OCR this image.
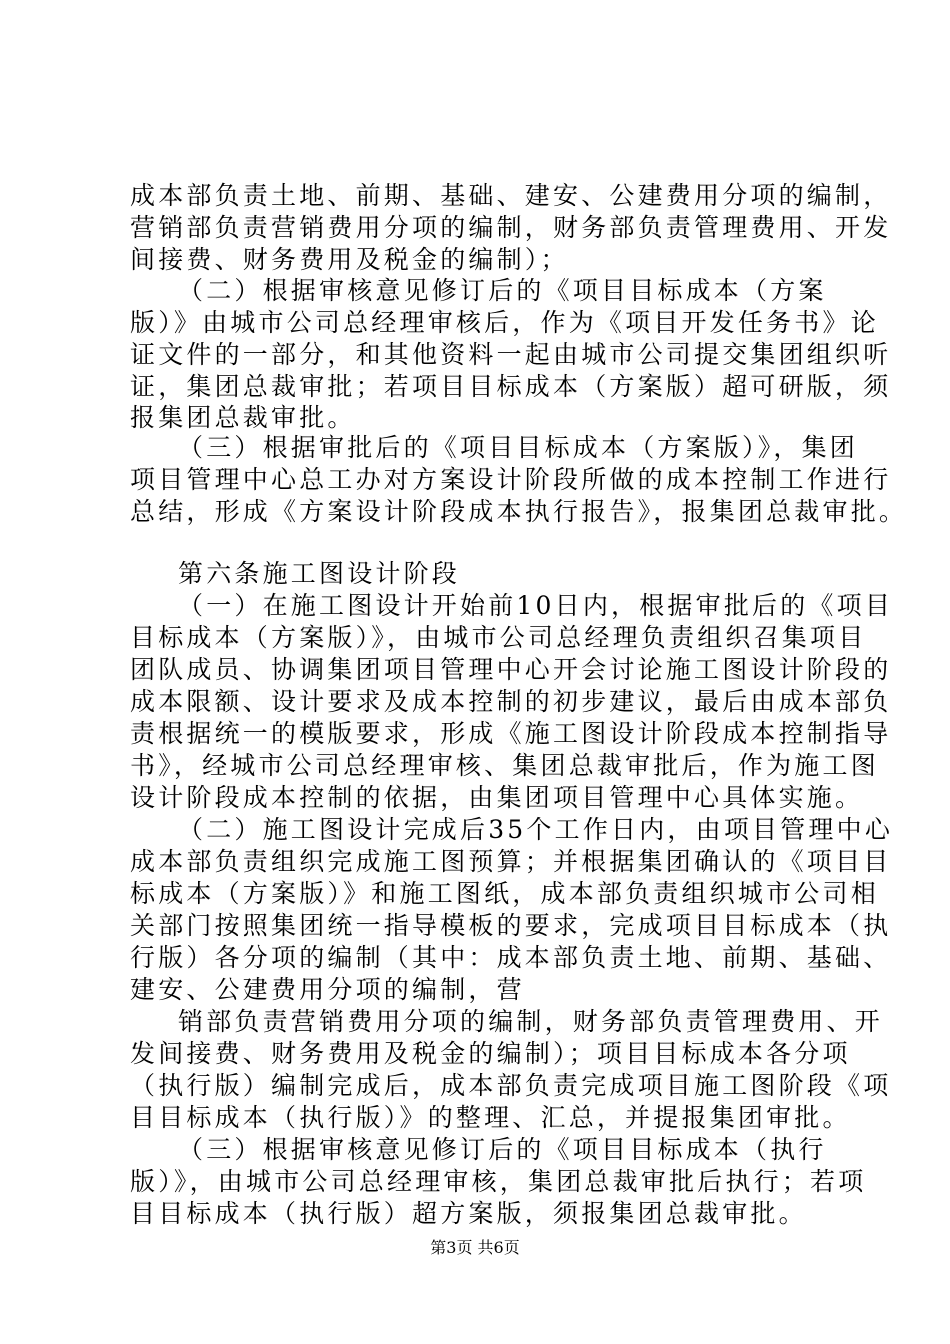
成本部负责土地、前期、基础、建安、公建费用分项的编制，
营销部负责营销费用分项的编制，财务部负责管理费用、开发
间接费、财务费用及税金的编制）；
（二）根据审核意见修订后的《项目目标成本（方案
版）》由城市公司总经理审核后，作为《项目开发任务书》论
证文件的一部分，和其他资料一起由城市公司提交集团组织听
证，集团总裁审批；若项目目标成本（方案版）超可研版，须
报集团总裁审批。
（三）根据审批后的《项目目标成本（方案版）》，集团
项目管理中心总工办对方案设计阶段所做的成本控制工作进行
总结，形成《方案设计阶段成本执行报告》，报集团总裁审批。
第六条施工图设计阶段
（一）在施工图设计开始前10日内，根据审批后的《项目
目标成本（方案版）》，由城市公司总经理负责组织召集项目
团队成员、协调集团项目管理中心开会讨论施工图设计阶段的
成本限额、设计要求及成本控制的初步建议，最后由成本部负
责根据统一的模版要求，形成《施工图设计阶段成本控制指导
书》，经城市公司总经理审核、集团总裁审批后，作为施工图
设计阶段成本控制的依据，由集团项目管理中心具体实施。
（二）施工图设计完成后35个工作日内，由项目管理中心
成本部负责组织完成施工图预算；并根据集团确认的《项目目
标成本（方案版）》和施工图纸，成本部负责组织城市公司相
关部门按照集团统一指导模板的要求，完成项目目标成本（执
行版）各分项的编制（其中：成本部负责土地、前期、基础、
建安、公建费用分项的编制，营
销部负责营销费用分项的编制，财务部负责管理费用、开
发间接费、财务费用及税金的编制）；项目目标成本各分项
（执行版）编制完成后，成本部负责完成项目施工图阶段《项
目目标成本（执行版）》的整理、汇总，并提报集团审批。
（三）根据审核意见修订后的《项目目标成本（执行
版）》，由城市公司总经理审核，集团总裁审批后执行；若项
目目标成本（执行版）超方案版，须报集团总裁审批。
第3页 共6页
